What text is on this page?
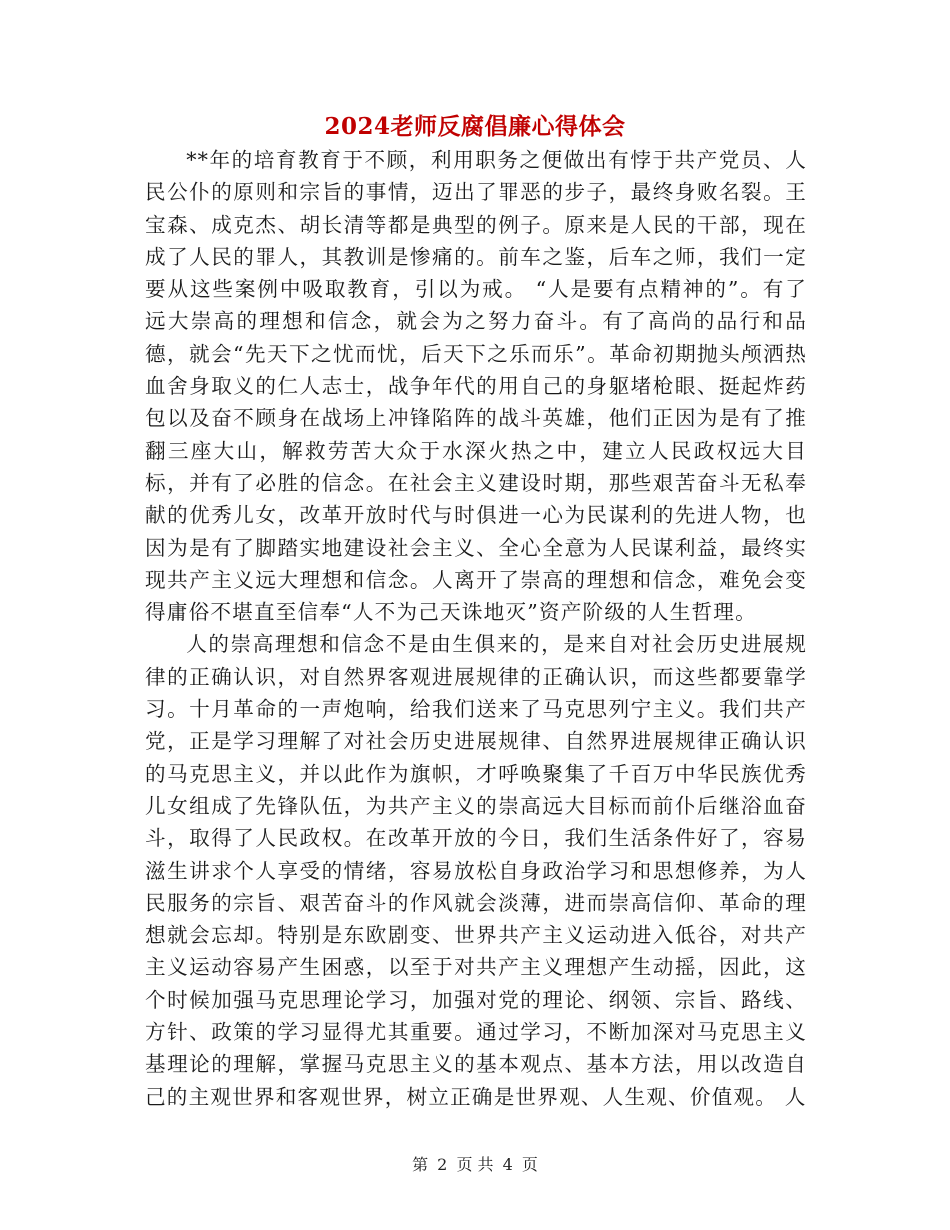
2024老师反腐倡廉心得体会

**年的培育教育于不顾，利用职务之便做出有悖于共产党员、人民公仆的原则和宗旨的事情，迈出了罪恶的步子，最终身败名裂。王宝森、成克杰、胡长清等都是典型的例子。原来是人民的干部，现在成了人民的罪人，其教训是惨痛的。前车之鉴，后车之师，我们一定要从这些案例中吸取教育，引以为戒。 “人是要有点精神的”。有了远大崇高的理想和信念，就会为之努力奋斗。有了高尚的品行和品德，就会“先天下之忧而忧，后天下之乐而乐”。革命初期抛头颅洒热血舍身取义的仁人志士，战争年代的用自己的身躯堵枪眼、挺起炸药包以及奋不顾身在战场上冲锋陷阵的战斗英雄，他们正因为是有了推翻三座大山，解救劳苦大众于水深火热之中，建立人民政权远大目标，并有了必胜的信念。在社会主义建设时期，那些艰苦奋斗无私奉献的优秀儿女，改革开放时代与时俱进一心为民谋利的先进人物，也因为是有了脚踏实地建设社会主义、全心全意为人民谋利益，最终实现共产主义远大理想和信念。人离开了崇高的理想和信念，难免会变得庸俗不堪直至信奉“人不为己天诛地灭”资产阶级的人生哲理。

人的崇高理想和信念不是由生俱来的，是来自对社会历史进展规律的正确认识，对自然界客观进展规律的正确认识，而这些都要靠学习。十月革命的一声炮响，给我们送来了马克思列宁主义。我们共产党，正是学习理解了对社会历史进展规律、自然界进展规律正确认识的马克思主义，并以此作为旗帜，才呼唤聚集了千百万中华民族优秀儿女组成了先锋队伍，为共产主义的崇高远大目标而前仆后继浴血奋斗，取得了人民政权。在改革开放的今日，我们生活条件好了，容易滋生讲求个人享受的情绪，容易放松自身政治学习和思想修养，为人民服务的宗旨、艰苦奋斗的作风就会淡薄，进而崇高信仰、革命的理想就会忘却。特别是东欧剧变、世界共产主义运动进入低谷，对共产主义运动容易产生困惑，以至于对共产主义理想产生动摇，因此，这个时候加强马克思理论学习，加强对党的理论、纲领、宗旨、路线、方针、政策的学习显得尤其重要。通过学习，不断加深对马克思主义基理论的理解，掌握马克思主义的基本观点、基本方法，用以改造自己的主观世界和客观世界，树立正确是世界观、人生观、价值观。 人

第 2 页 共 4 页
